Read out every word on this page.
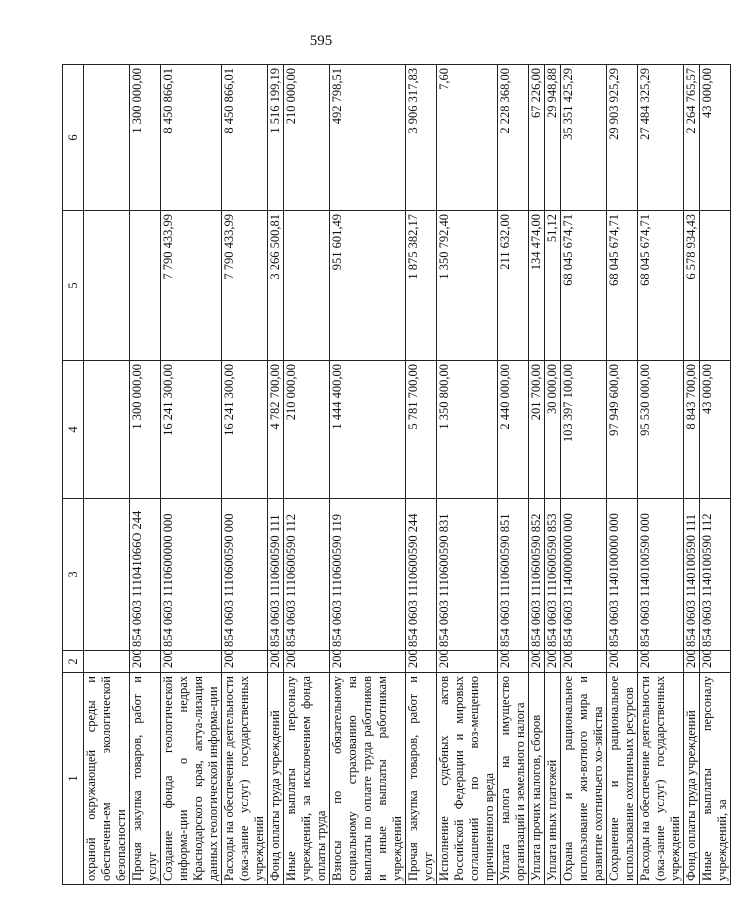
595
1	2	3	4	5	6
охраной окружающей среды и обеспечени-ем экологической безопасности					
Прочая закупка товаров, работ и услуг	200	854 0603 111041066О 244	1 300 000,00		1 300 000,00
Создание фонда геологической информа-ции о недрах Краснодарского края, актуа-лизация данных геологической информа-ции	200	854 0603 1110600000 000	16 241 300,00	7 790 433,99	8 450 866,01
Расходы на обеспечение деятельности (ока-зание услуг) государственных учреждений	200	854 0603 1110600590 000	16 241 300,00	7 790 433,99	8 450 866,01
Фонд оплаты труда учреждений	200	854 0603 1110600590 111	4 782 700,00	3 266 500,81	1 516 199,19
Иные выплаты персоналу учреждений, за исключением фонда оплаты труда	200	854 0603 1110600590 112	210 000,00		210 000,00
Взносы по обязательному социальному страхованию на выплаты по оплате труда работников и иные выплаты работникам учреждений	200	854 0603 1110600590 119	1 444 400,00	951 601,49	492 798,51
Прочая закупка товаров, работ и услуг	200	854 0603 1110600590 244	5 781 700,00	1 875 382,17	3 906 317,83
Исполнение судебных актов Российской Федерации и мировых соглашений по воз-мещению причиненного вреда	200	854 0603 1110600590 831	1 350 800,00	1 350 792,40	7,60
Уплата налога на имущество организаций и земельного налога	200	854 0603 1110600590 851	2 440 000,00	211 632,00	2 228 368,00
Уплата прочих налогов, сборов	200	854 0603 1110600590 852	201 700,00	134 474,00	67 226,00
Уплата иных платежей	200	854 0603 1110600590 853	30 000,00	51,12	29 948,88
Охрана и рациональное использование жи-вотного мира и развитие охотничьего хо-зяйства	200	854 0603 1140000000 000	103 397 100,00	68 045 674,71	35 351 425,29
Сохранение и рациональное использование охотничьих ресурсов	200	854 0603 1140100000 000	97 949 600,00	68 045 674,71	29 903 925,29
Расходы на обеспечение деятельности (ока-зание услуг) государственных учреждений	200	854 0603 1140100590 000	95 530 000,00	68 045 674,71	27 484 325,29
Фонд оплаты труда учреждений	200	854 0603 1140100590 111	8 843 700,00	6 578 934,43	2 264 765,57
Иные выплаты персоналу учреждений, за	200	854 0603 1140100590 112	43 000,00		43 000,00
